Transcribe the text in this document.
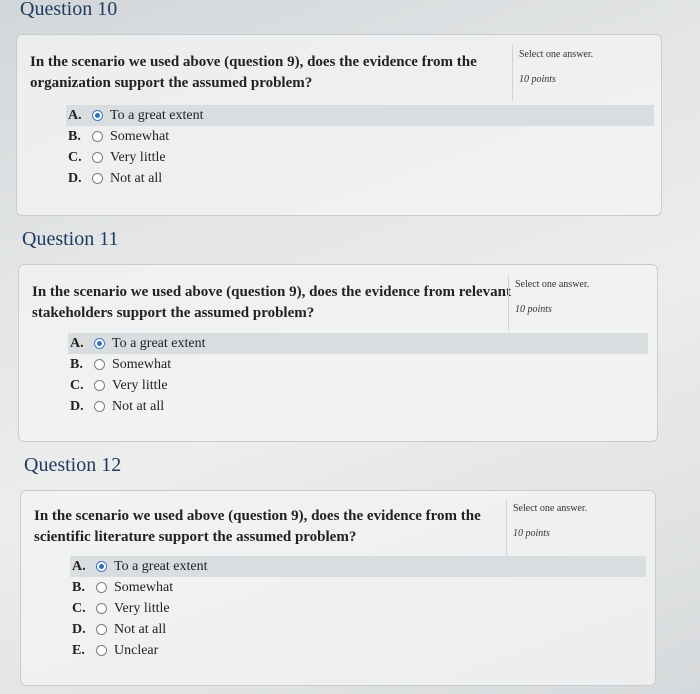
Question 10
In the scenario we used above (question 9), does the evidence from the organization support the assumed problem?
Select one answer.
10 points
A.	To a great extent
B.	Somewhat
C.	Very little
D.	Not at all
Question 11
In the scenario we used above (question 9), does the evidence from relevant stakeholders support the assumed problem?
Select one answer.
10 points
A.	To a great extent
B.	Somewhat
C.	Very little
D.	Not at all
Question 12
In the scenario we used above (question 9), does the evidence from the scientific literature support the assumed problem?
Select one answer.
10 points
A.	To a great extent
B.	Somewhat
C.	Very little
D.	Not at all
E.	Unclear
